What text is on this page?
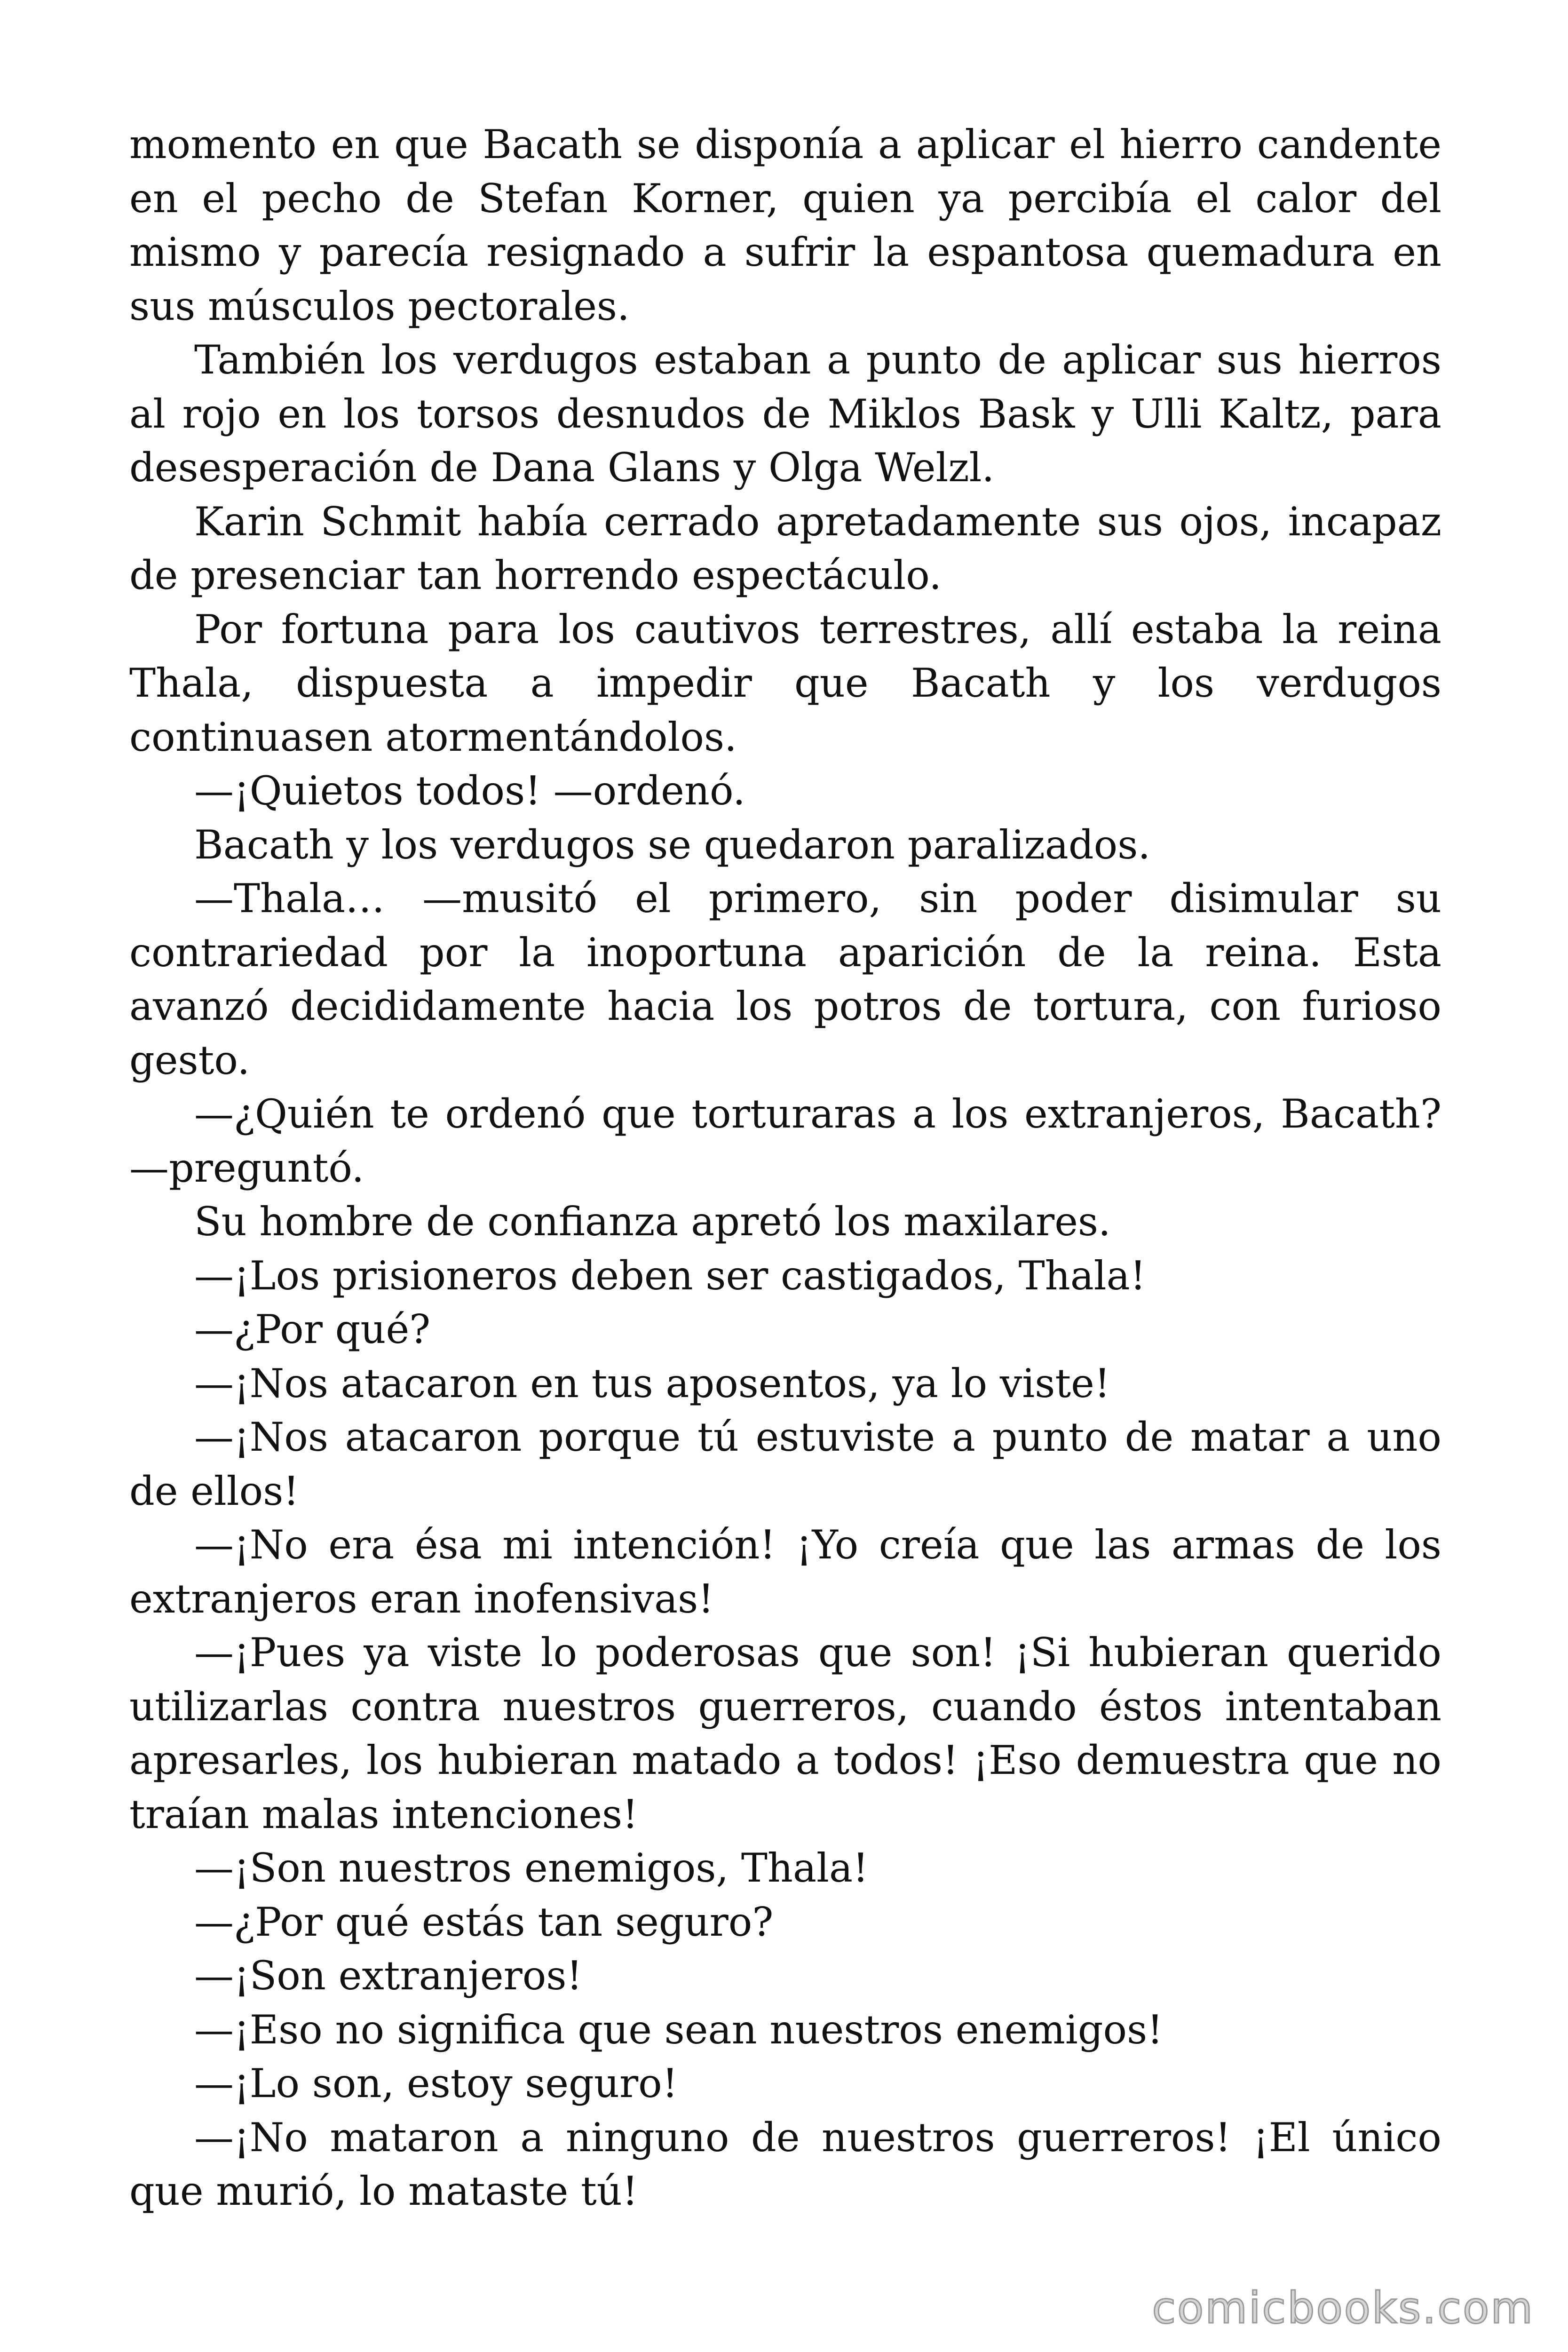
momento en que Bacath se disponía a aplicar el hierro candente en el pecho de Stefan Korner, quien ya percibía el calor del mismo y parecía resignado a sufrir la espantosa quemadura en sus músculos pectorales.

También los verdugos estaban a punto de aplicar sus hierros al rojo en los torsos desnudos de Miklos Bask y Ulli Kaltz, para desesperación de Dana Glans y Olga Welzl.

Karin Schmit había cerrado apretadamente sus ojos, incapaz de presenciar tan horrendo espectáculo.

Por fortuna para los cautivos terrestres, allí estaba la reina Thala, dispuesta a impedir que Bacath y los verdugos continuasen atormentándolos.

—¡Quietos todos! —ordenó.

Bacath y los verdugos se quedaron paralizados.

—Thala… —musitó el primero, sin poder disimular su contrariedad por la inoportuna aparición de la reina. Esta avanzó decididamente hacia los potros de tortura, con furioso gesto.

—¿Quién te ordenó que torturaras a los extranjeros, Bacath? —preguntó.

Su hombre de confianza apretó los maxilares.

—¡Los prisioneros deben ser castigados, Thala!

—¿Por qué?

—¡Nos atacaron en tus aposentos, ya lo viste!

—¡Nos atacaron porque tú estuviste a punto de matar a uno de ellos!

—¡No era ésa mi intención! ¡Yo creía que las armas de los extranjeros eran inofensivas!

—¡Pues ya viste lo poderosas que son! ¡Si hubieran querido utilizarlas contra nuestros guerreros, cuando éstos intentaban apresarles, los hubieran matado a todos! ¡Eso demuestra que no traían malas intenciones!

—¡Son nuestros enemigos, Thala!

—¿Por qué estás tan seguro?

—¡Son extranjeros!

—¡Eso no significa que sean nuestros enemigos!

—¡Lo son, estoy seguro!

—¡No mataron a ninguno de nuestros guerreros! ¡El único que murió, lo mataste tú!

comicbooks.com
